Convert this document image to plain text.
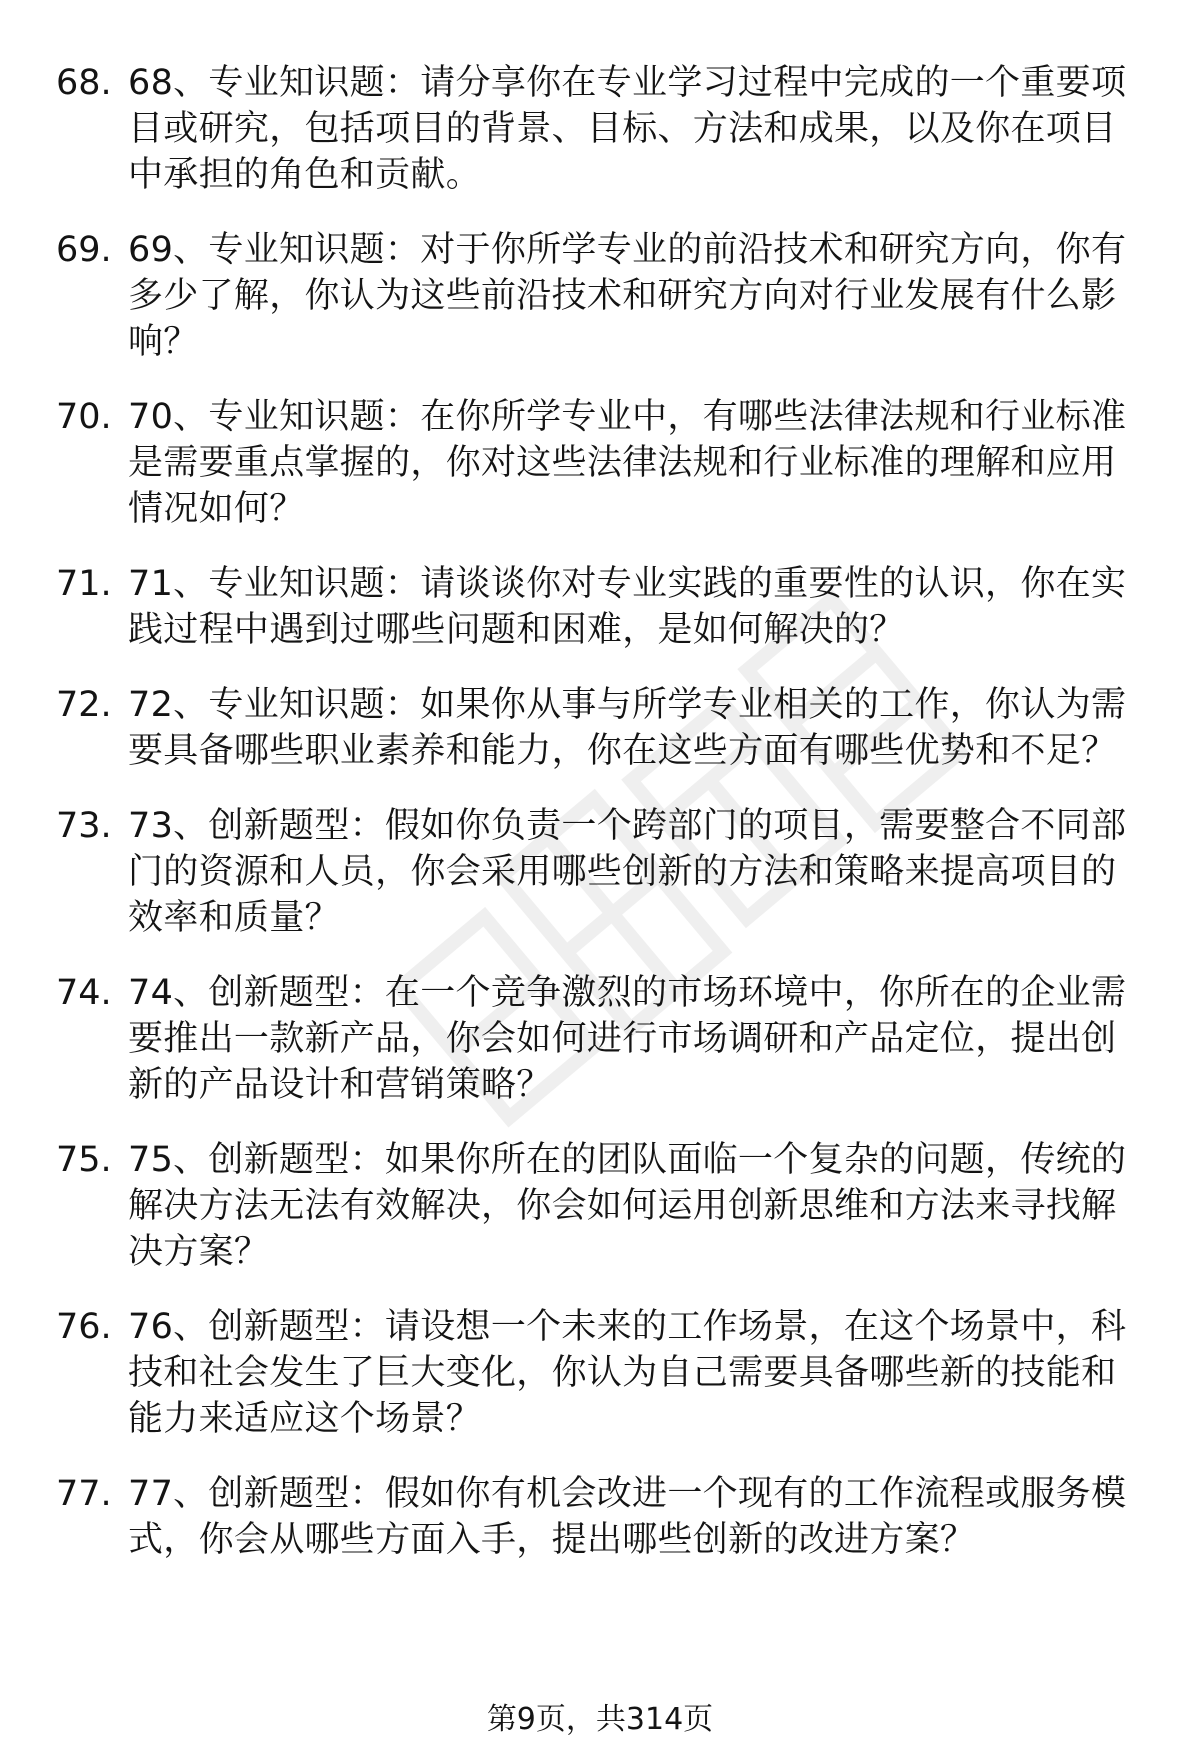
68. 68、专业知识题：请分享你在专业学习过程中完成的一个重要项目或研究，包括项目的背景、目标、方法和成果，以及你在项目中承担的角色和贡献。
69. 69、专业知识题：对于你所学专业的前沿技术和研究方向，你有多少了解，你认为这些前沿技术和研究方向对行业发展有什么影响？
70. 70、专业知识题：在你所学专业中，有哪些法律法规和行业标准是需要重点掌握的，你对这些法律法规和行业标准的理解和应用情况如何？
71. 71、专业知识题：请谈谈你对专业实践的重要性的认识，你在实践过程中遇到过哪些问题和困难，是如何解决的？
72. 72、专业知识题：如果你从事与所学专业相关的工作，你认为需要具备哪些职业素养和能力，你在这些方面有哪些优势和不足？
73. 73、创新题型：假如你负责一个跨部门的项目，需要整合不同部门的资源和人员，你会采用哪些创新的方法和策略来提高项目的效率和质量？
74. 74、创新题型：在一个竞争激烈的市场环境中，你所在的企业需要推出一款新产品，你会如何进行市场调研和产品定位，提出创新的产品设计和营销策略？
75. 75、创新题型：如果你所在的团队面临一个复杂的问题，传统的解决方法无法有效解决，你会如何运用创新思维和方法来寻找解决方案？
76. 76、创新题型：请设想一个未来的工作场景，在这个场景中，科技和社会发生了巨大变化，你认为自己需要具备哪些新的技能和能力来适应这个场景？
77. 77、创新题型：假如你有机会改进一个现有的工作流程或服务模式，你会从哪些方面入手，提出哪些创新的改进方案？
第9页，共314页
